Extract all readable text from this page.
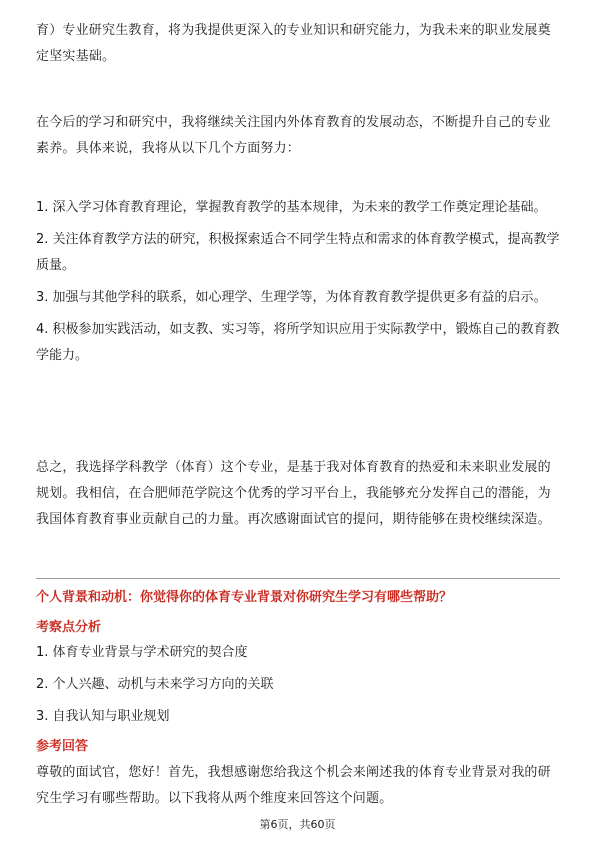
育）专业研究生教育，将为我提供更深入的专业知识和研究能力，为我未来的职业发展奠定坚实基础。

在今后的学习和研究中，我将继续关注国内外体育教育的发展动态，不断提升自己的专业素养。具体来说，我将从以下几个方面努力：

1. 深入学习体育教育理论，掌握教育教学的基本规律，为未来的教学工作奠定理论基础。

2. 关注体育教学方法的研究，积极探索适合不同学生特点和需求的体育教学模式，提高教学质量。

3. 加强与其他学科的联系，如心理学、生理学等，为体育教育教学提供更多有益的启示。

4. 积极参加实践活动，如支教、实习等，将所学知识应用于实际教学中，锻炼自己的教育教学能力。

总之，我选择学科教学（体育）这个专业，是基于我对体育教育的热爱和未来职业发展的规划。我相信，在合肥师范学院这个优秀的学习平台上，我能够充分发挥自己的潜能，为我国体育教育事业贡献自己的力量。再次感谢面试官的提问，期待能够在贵校继续深造。

个人背景和动机：你觉得你的体育专业背景对你研究生学习有哪些帮助？
考察点分析

1. 体育专业背景与学术研究的契合度

2. 个人兴趣、动机与未来学习方向的关联

3. 自我认知与职业规划

参考回答

尊敬的面试官，您好！首先，我想感谢您给我这个机会来阐述我的体育专业背景对我的研究生学习有哪些帮助。以下我将从两个维度来回答这个问题。

第6页，共60页
